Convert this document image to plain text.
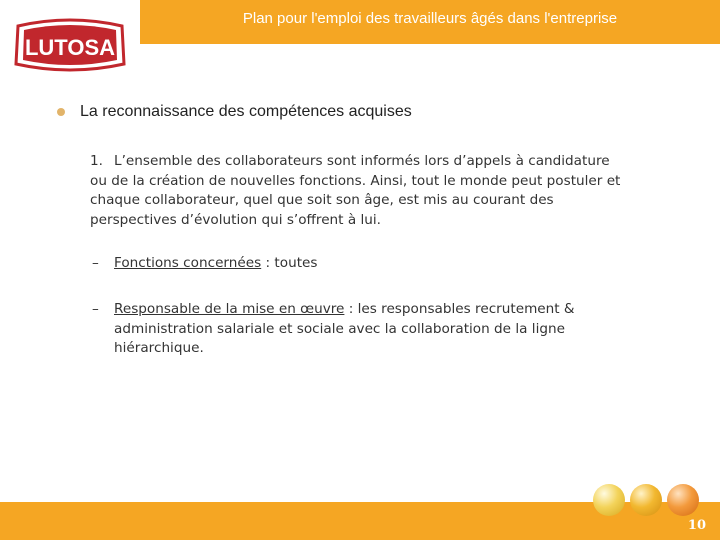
Plan pour l'emploi des travailleurs âgés dans l'entreprise
LUTOSA
La reconnaissance des compétences acquises
1. L’ensemble des collaborateurs sont informés lors d’appels à candidature ou de la création de nouvelles fonctions. Ainsi, tout le monde peut postuler et chaque collaborateur, quel que soit son âge, est mis au courant des perspectives d’évolution qui s’offrent à lui.
– Fonctions concernées : toutes
– Responsable de la mise en œuvre : les responsables recrutement & administration salariale et sociale avec la collaboration de la ligne hiérarchique.
10
